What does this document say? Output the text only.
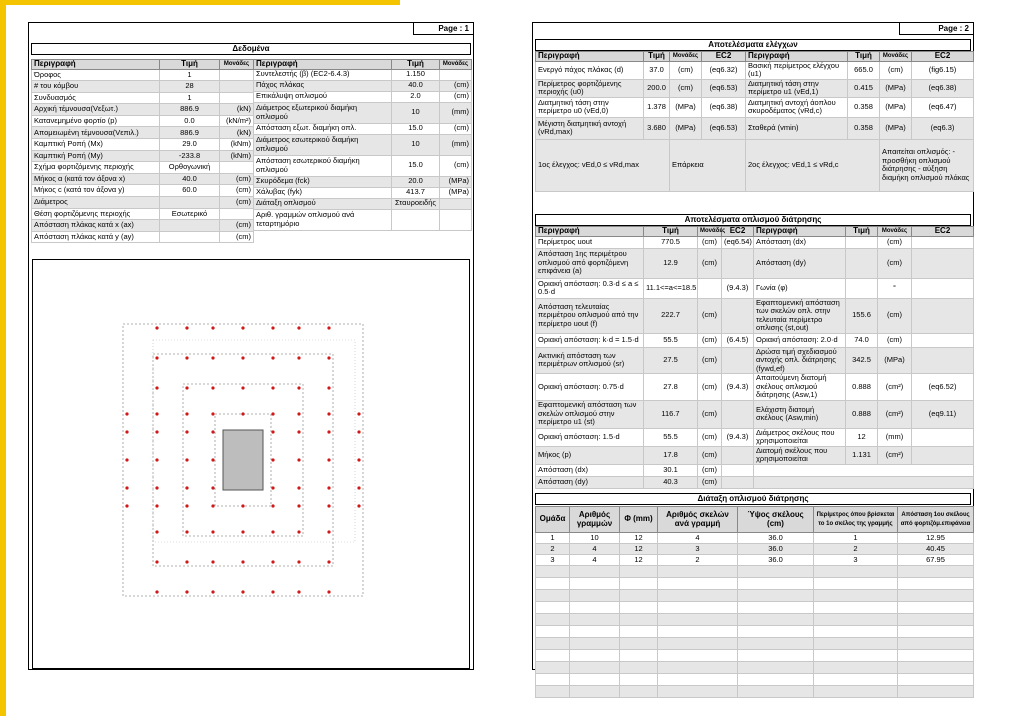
Page : 1
Δεδομένα
Περιγραφή	Τιμή	Μονάδες
Όροφος	1	
# του κόμβου	28	
Συνδυασμός	1	
Αρχική τέμνουσα(Vεξωτ.)	886.9	(kN)
Κατανεμημένο φορτίο (p)	0.0	(kN/m²)
Απομειωμένη τέμνουσα(Vεπιλ.)	886.9	(kN)
Καμπτική Ροπή (Mx)	29.0	(kNm)
Καμπτική Ροπή (My)	-233.8	(kNm)
Σχήμα φορτιζόμενης περιοχής	Ορθογωνική	
Μήκος α (κατά τον άξονα x)	40.0	(cm)
Μήκος c (κατά τον άξονα y)	60.0	(cm)
Διάμετρος		(cm)
Θέση φορτιζόμενης περιοχής	Εσωτερικό	
Απόσταση πλάκας κατά x (ax)		(cm)
Απόσταση πλάκας κατά y (ay)		(cm)
Περιγραφή	Τιμή	Μονάδες
Συντελεστής (β) (EC2-6.4.3)	1.150	
Πάχος πλάκας	40.0	(cm)
Επικάλυψη οπλισμού	2.0	(cm)
Διάμετρος εξωτερικού διαμήκη οπλισμού	10	(mm)
Απόσταση εξωτ. διαμήκη οπλ.	15.0	(cm)
Διάμετρος εσωτερικού διαμήκη οπλισμού	10	(mm)
Απόσταση εσωτερικού διαμήκη οπλισμού	15.0	(cm)
Σκυρόδεμα (fck)	20.0	(MPa)
Χάλυβας (fyk)	413.7	(MPa)
Διάταξη οπλισμού	Σταυροειδής	
Αριθ. γραμμών οπλισμού ανά τεταρτημόριο		
Page : 2
Αποτελέσματα ελέγχων
Περιγραφή	Τιμή	Μονάδες	EC2	Περιγραφή	Τιμή	Μονάδες	EC2
Ενεργό πάχος πλάκας (d)	37.0	(cm)	(eq6.32)	Βασική περίμετρος ελέγχου (u1)	665.0	(cm)	(fig6.15)
Περίμετρος φορτιζόμενης περιοχής (u0)	200.0	(cm)	(eq6.53)	Διατμητική τάση στην περίμετρο u1 (vEd,1)	0.415	(MPa)	(eq6.38)
Διατμητική τάση στην περίμετρο u0 (vEd,0)	1.378	(MPa)	(eq6.38)	Διατμητική αντοχή άοπλου σκυροδέματος (vRd,c)	0.358	(MPa)	(eq6.47)
Μέγιστη διατμητική αντοχή (vRd,max)	3.680	(MPa)	(eq6.53)	Σταθερά (vmin)	0.358	(MPa)	(eq6.3)
1ος έλεγχος: vEd,0 ≤ vRd,max		Επάρκεια		2ος έλεγχος: vEd,1 ≤ vRd,c		Απαιτείται οπλισμός: - προσθήκη οπλισμού διάτρησης - αύξηση διαμήκη οπλισμού πλάκας	
Αποτελέσματα οπλισμού διάτρησης
Περιγραφή	Τιμή	Μονάδες	EC2	Περιγραφή	Τιμή	Μονάδες	EC2
Περίμετρος uout	770.5	(cm)	(eq6.54)	Απόσταση (dx)		(cm)	
Απόσταση 1ης περιμέτρου οπλισμού από φορτιζόμενη επιφάνεια (a)	12.9	(cm)		Απόσταση (dy)		(cm)	
Οριακή απόσταση: 0.3·d ≤ a ≤ 0.5·d	11.1<=a<=18.5		(9.4.3)	Γωνία (φ)		°	
Απόσταση τελευταίας περιμέτρου οπλισμού από την περίμετρο uout (f)	222.7	(cm)		Εφαπτομενική απόσταση των σκελών οπλ. στην τελευταία περίμετρο οπλισης (st,out)	155.6	(cm)	
Οριακή απόσταση: k·d = 1.5·d	55.5	(cm)	(6.4.5)	Οριακή απόσταση: 2.0·d	74.0	(cm)	
Ακτινική απόσταση των περιμέτρων οπλισμού (sr)	27.5	(cm)		Δρώσα τιμή σχεδιασμού αντοχής οπλ. διάτρησης (fywd,ef)	342.5	(MPa)	
Οριακή απόσταση: 0.75·d	27.8	(cm)	(9.4.3)	Απαιτούμενη διατομή σκέλους οπλισμού διάτρησης (Asw,1)	0.888	(cm²)	(eq6.52)
Εφαπτομενική απόσταση των σκελών οπλισμού στην περίμετρο u1 (st)	116.7	(cm)		Ελάχιστη διατομή σκέλους (Asw,min)	0.888	(cm²)	(eq9.11)
Οριακή απόσταση: 1.5·d	55.5	(cm)	(9.4.3)	Διάμετρος σκέλους που χρησιμοποιείται	12	(mm)	
Μήκος (p)	17.8	(cm)		Διατομή σκέλους που χρησιμοποιείται	1.131	(cm²)	
Απόσταση (dx)	30.1	(cm)					
Απόσταση (dy)	40.3	(cm)					
Διάταξη οπλισμού διάτρησης
Ομάδα	Αριθμός γραμμών	Φ (mm)	Αριθμός σκελών ανά γραμμή	Ύψος σκέλους (cm)	Περίμετρος όπου βρίσκεται το 1ο σκέλος της γραμμής	Απόσταση 1ου σκέλους από φορτιζόμ.επιφάνεια
1	10	12	4	36.0	1	12.95
2	4	12	3	36.0	2	40.45
3	4	12	2	36.0	3	67.95
